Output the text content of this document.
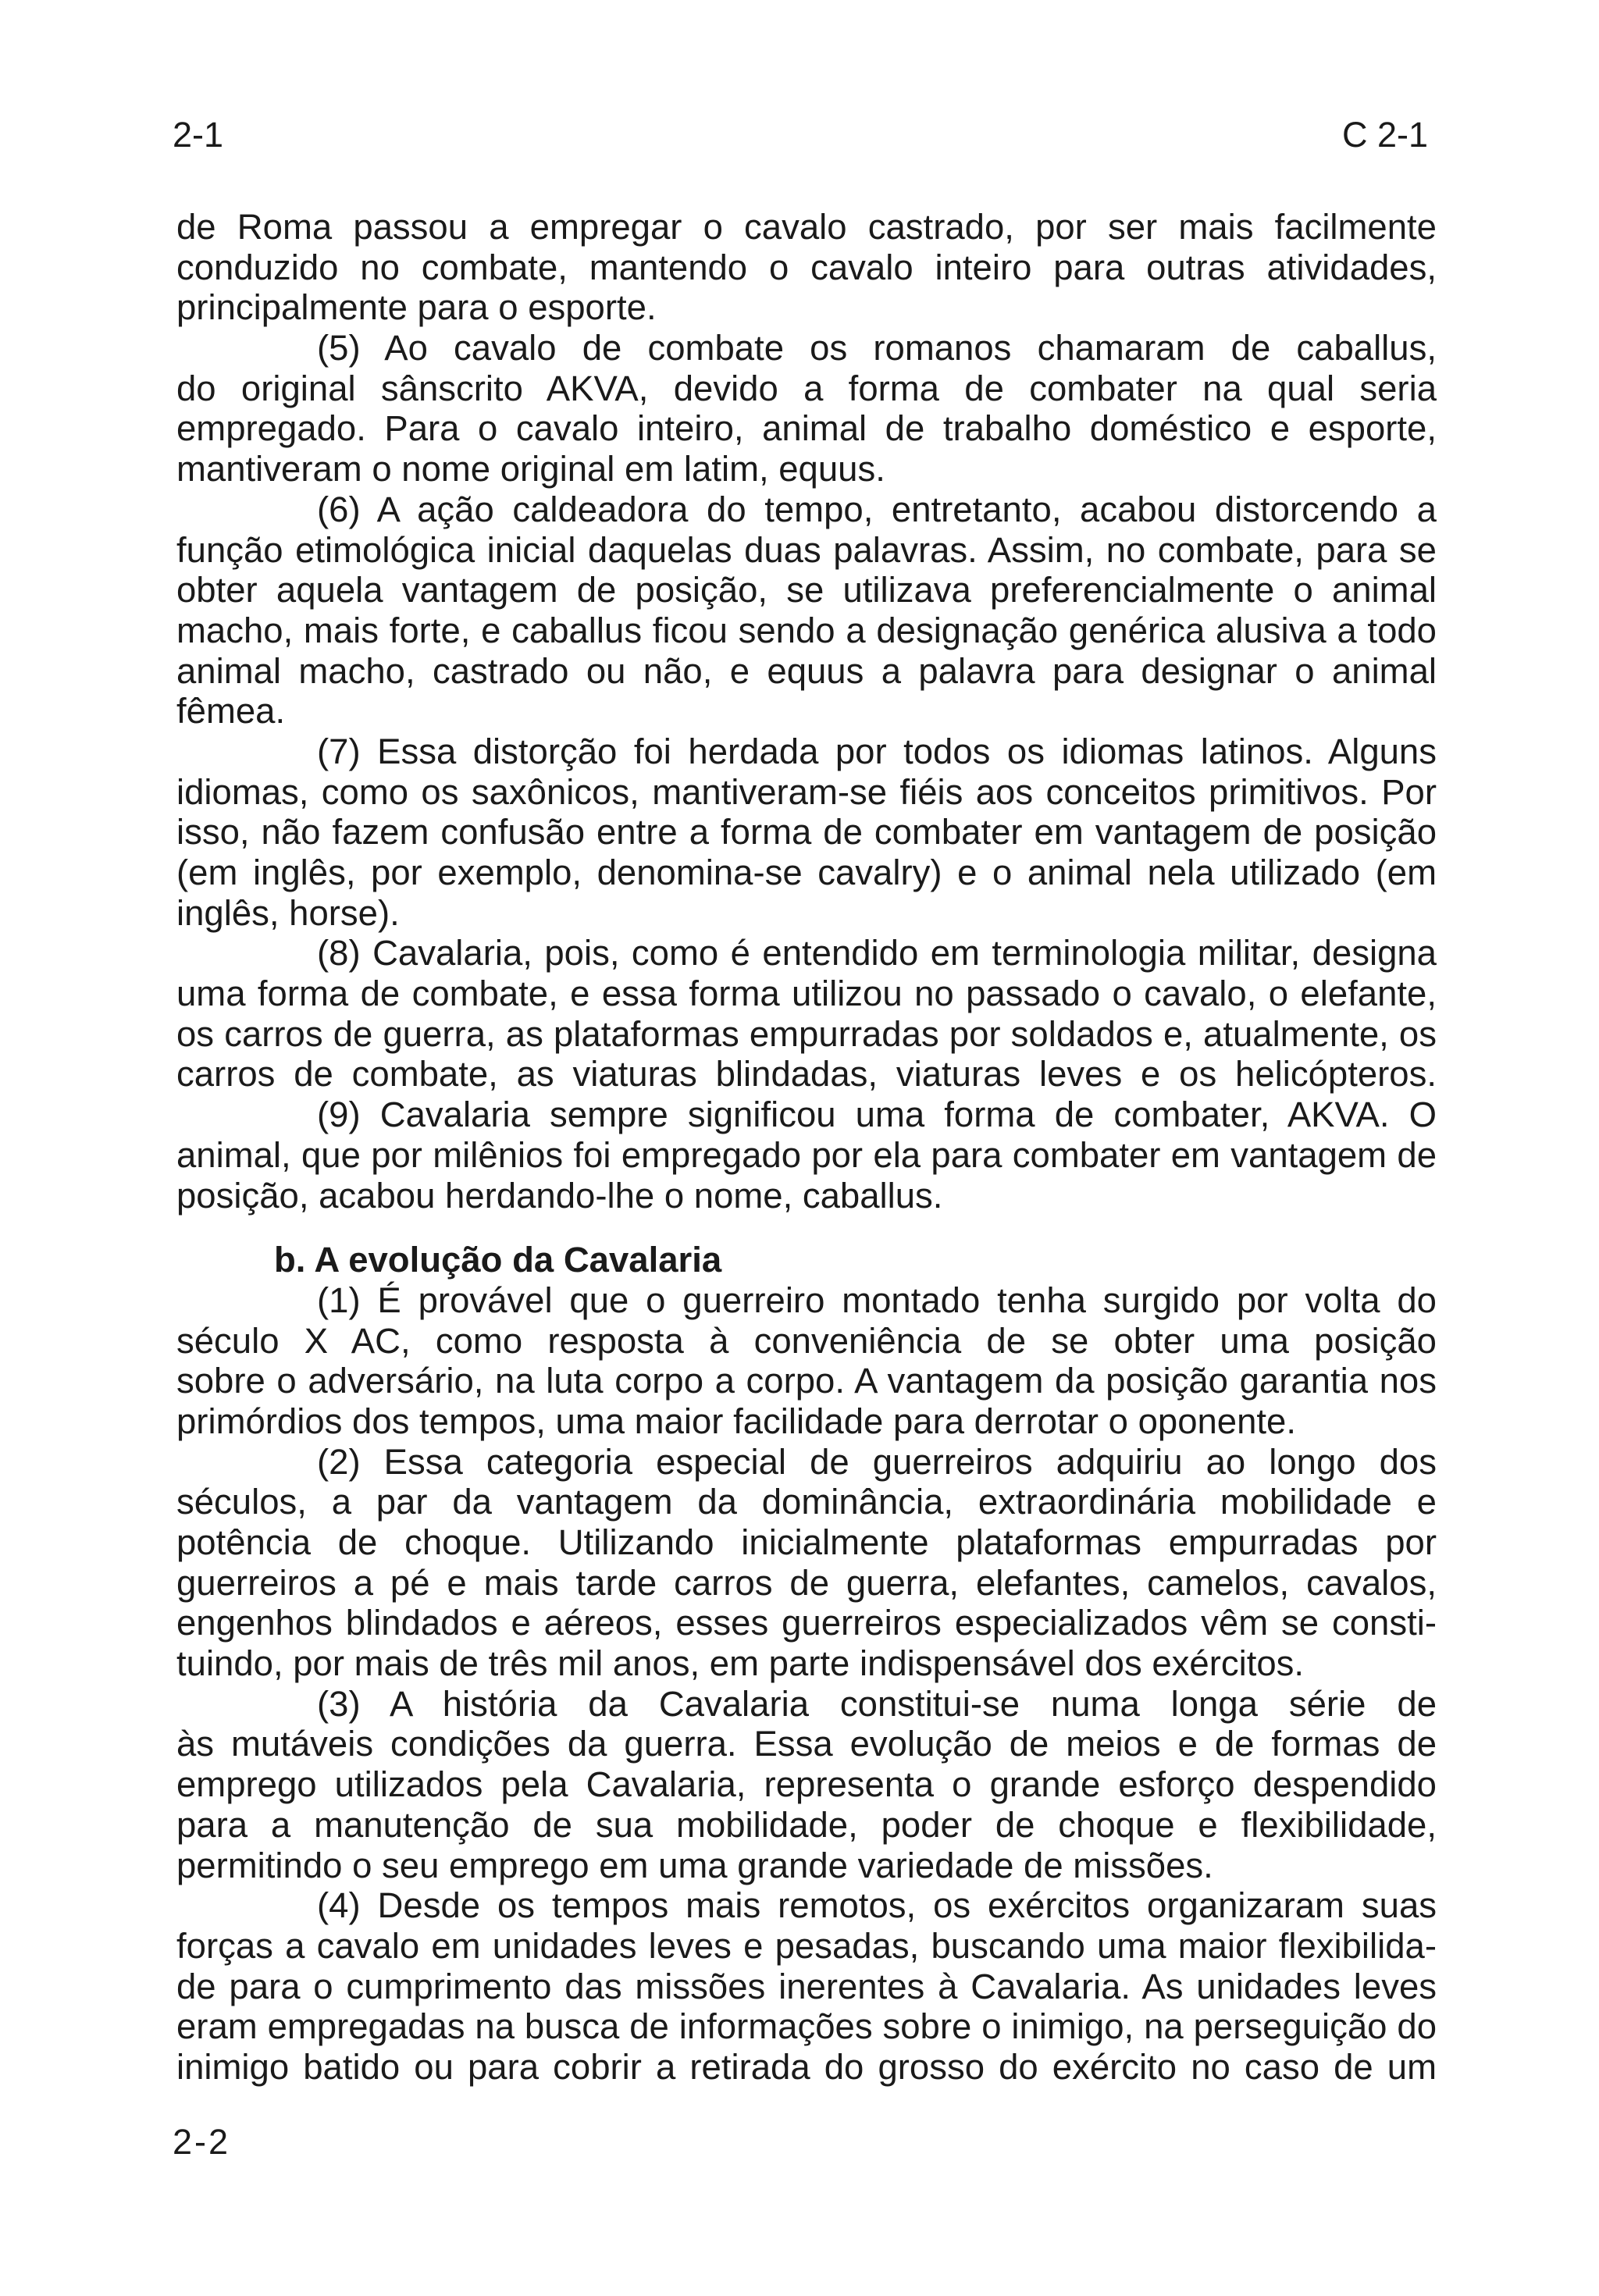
2-1	C 2-1
de Roma passou a empregar o cavalo castrado, por ser mais facilmente
conduzido no combate, mantendo o cavalo inteiro para outras atividades,
principalmente para o esporte.
(5) Ao cavalo de combate os romanos chamaram de caballus,
do original sânscrito AKVA, devido a forma de combater na qual seria
empregado. Para o cavalo inteiro, animal de trabalho doméstico e esporte,
mantiveram o nome original em latim, equus.
(6) A ação caldeadora do tempo, entretanto, acabou distorcendo a
função etimológica inicial daquelas duas palavras. Assim, no combate, para se
obter aquela vantagem de posição, se utilizava preferencialmente o animal
macho, mais forte, e caballus ficou sendo a designação genérica alusiva a todo
animal macho, castrado ou não, e equus a palavra para designar o animal
fêmea.
(7) Essa distorção foi herdada por todos os idiomas latinos. Alguns
idiomas, como os saxônicos, mantiveram-se fiéis aos conceitos primitivos. Por
isso, não fazem confusão entre a forma de combater em vantagem de posição
(em inglês, por exemplo, denomina-se cavalry) e o animal nela utilizado (em
inglês, horse).
(8) Cavalaria, pois, como é entendido em terminologia militar, designa
uma forma de combate, e essa forma utilizou no passado o cavalo, o elefante,
os carros de guerra, as plataformas empurradas por soldados e, atualmente, os
carros de combate, as viaturas blindadas, viaturas leves e os helicópteros.
(9) Cavalaria sempre significou uma forma de combater, AKVA. O
animal, que por milênios foi empregado por ela para combater em vantagem de
posição, acabou herdando-lhe o nome, caballus.
b. A evolução da Cavalaria
(1) É provável que o guerreiro montado tenha surgido por volta do
século X AC, como resposta à conveniência de se obter uma posição
sobre o adversário, na luta corpo a corpo. A vantagem da posição garantia nos
primórdios dos tempos, uma maior facilidade para derrotar o oponente.
(2) Essa categoria especial de guerreiros adquiriu ao longo dos
séculos, a par da vantagem da dominância, extraordinária mobilidade e
potência de choque. Utilizando inicialmente plataformas empurradas por
guerreiros a pé e mais tarde carros de guerra, elefantes, camelos, cavalos,
engenhos blindados e aéreos, esses guerreiros especializados vêm se consti-
tuindo, por mais de três mil anos, em parte indispensável dos exércitos.
(3) A história da Cavalaria constitui-se numa longa série de
às mutáveis condições da guerra. Essa evolução de meios e de formas de
emprego utilizados pela Cavalaria, representa o grande esforço despendido
para a manutenção de sua mobilidade, poder de choque e flexibilidade,
permitindo o seu emprego em uma grande variedade de missões.
(4) Desde os tempos mais remotos, os exércitos organizaram suas
forças a cavalo em unidades leves e pesadas, buscando uma maior flexibilida-
de para o cumprimento das missões inerentes à Cavalaria. As unidades leves
eram empregadas na busca de informações sobre o inimigo, na perseguição do
inimigo batido ou para cobrir a retirada do grosso do exército no caso de um
2-2
